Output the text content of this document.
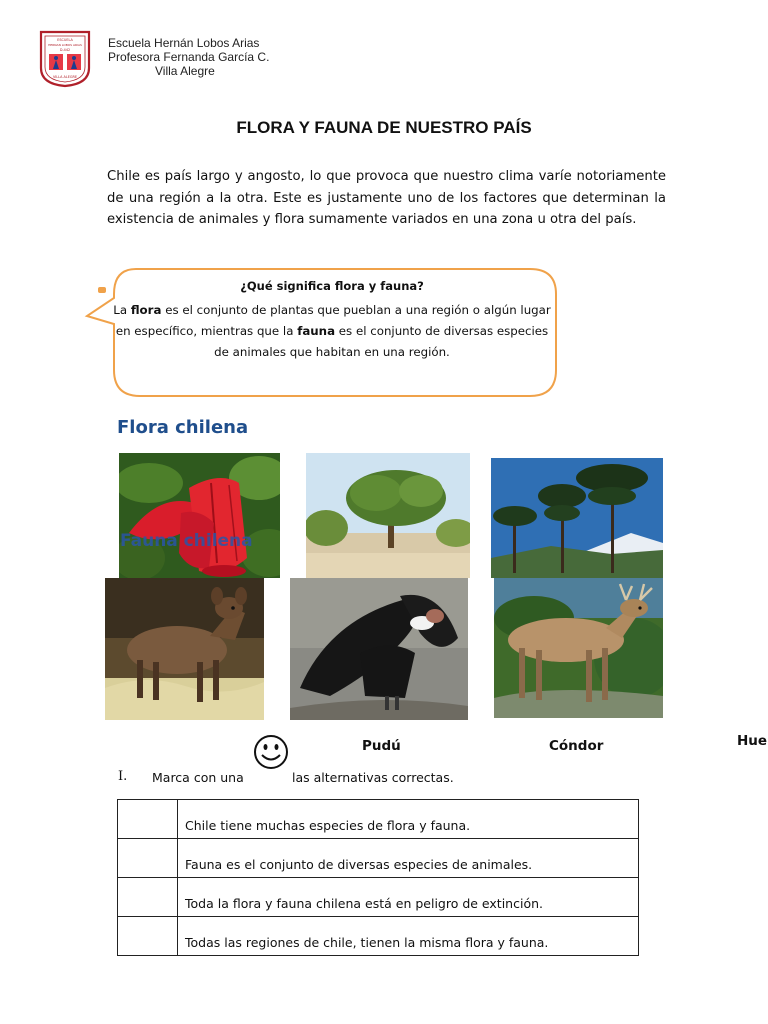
ESCUELA
HERNAN LOBOS ARIAS
D-442
VILLA ALEGRE
Escuela Hernán Lobos Arias
Profesora Fernanda García C.
Villa Alegre
FLORA Y FAUNA DE NUESTRO PAÍS
Chile es país largo y angosto, lo que provoca que nuestro clima varíe notoriamente de una región a la otra. Este es justamente uno de los factores que determinan la existencia de animales y flora sumamente variados en una zona u otra del país.
¿Qué significa flora y fauna?
La flora es el conjunto de plantas que pueblan a una región o algún lugar en específico, mientras que la fauna es el conjunto de diversas especies de animales que habitan en una región.
Flora chilena
Fauna chilena
Pudú	Cóndor	Hue
I. Marca con una	las alternativas correctas.
	Chile tiene muchas especies de flora y fauna.
	Fauna es el conjunto de diversas especies de animales.
	Toda la flora y fauna chilena está en peligro de extinción.
	Todas las regiones de chile, tienen la misma flora y fauna.
